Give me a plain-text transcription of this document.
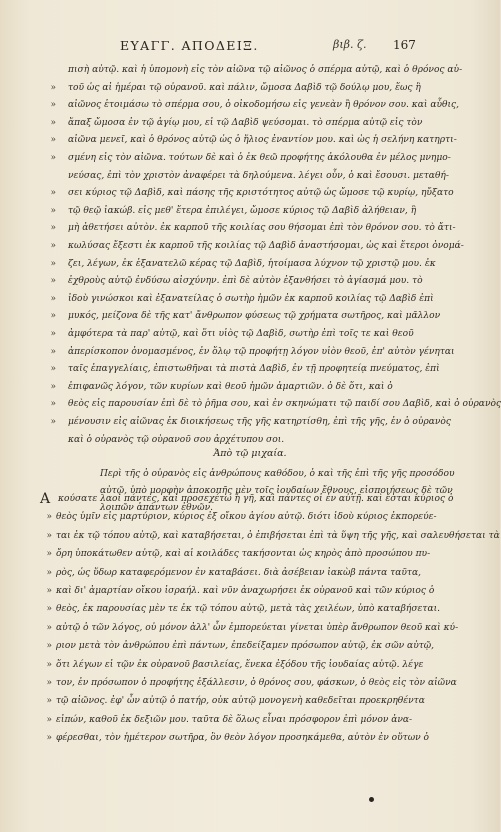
ΕΥΑΓΓ. ΑΠΟΔΕΙΞ.	βιβ. ζ. 167
πισὴ αὐτῷ. καὶ ἡ ὑπομονὴ εἰς τὸν αἰῶνα τῷ αἰῶνος ὁ σπέρμα αὐτῷ, καὶ ὁ θρόνος αὐ-
» τοῦ ὡς αἱ ἡμέραι τῷ οὐρανοῦ. καὶ πάλιν, ὤμοσα Δαβὶδ τῷ δούλῳ μου, ἕως ἢ
» αἰῶνος ἑτοιμάσω τὸ σπέρμα σου, ὁ οἰκοδομήσω εἰς γενεὰν ἢ θρόνον σου. καὶ αὖθις,
» ἅπαξ ὤμοσα ἐν τῷ ἁγίῳ μου, εἰ τῷ Δαβὶδ ψεύσομαι. τὸ σπέρμα αὐτῷ εἰς τὸν
» αἰῶνα μενεῖ, καὶ ὁ θρόνος αὐτῷ ὡς ὁ ἥλιος ἐναντίον μου. καὶ ὡς ἡ σελήνη κατηρτι-
» σμένη εἰς τὸν αἰῶνα. τούτων δὲ καὶ ὁ ἐκ θεῶ προφήτης ἀκόλουθα ἐν μέλος μνημο-
νεύσας, ἐπὶ τὸν χριστὸν ἀναφέρει τὰ δηλούμενα. λέγει οὖν, ὁ καὶ ἔσουσι. μεταθή-
» σει κύριος τῷ Δαβὶδ, καὶ πάσης τῆς κριστότητος αὐτῷ ὡς ὤμοσε τῷ κυρίῳ, ηὔξατο
» τῷ θεῷ ἰακώβ. εἰς μεθ' ἕτερα ἐπιλέγει, ὤμοσε κύριος τῷ Δαβὶδ ἀλήθειαν, ἣ
» μὴ ἀθετήσει αὐτὸν. ἐκ καρποῦ τῆς κοιλίας σου θήσομαι ἐπὶ τὸν θρόνον σου. τὸ ἄτι-
» κωλύσας ἔξεστι ἐκ καρποῦ τῆς κοιλίας τῷ Δαβὶδ ἀναστήσομαι, ὡς καὶ ἕτεροι ὀνομά-
» ζει, λέγων, ἐκ ἐξανατελῶ κέρας τῷ Δαβὶδ, ἡτοίμασα λύχνον τῷ χριστῷ μου. ἐκ
» ἐχθροὺς αὐτῷ ἐνδύσω αἰσχύνην. ἐπὶ δὲ αὐτὸν ἐξανθήσει τὸ ἁγίασμά μου. τὸ
» ἰδοὺ γινώσκοι καὶ ἐξανατείλας ὁ σωτὴρ ἡμῶν ἐκ καρποῦ κοιλίας τῷ Δαβὶδ ἐπὶ
» μυκός, μείζονα δὲ τῆς κατ' ἄνθρωπον φύσεως τῷ χρήματα σωτῆρος, καὶ μᾶλλον
» ἀμφότερα τὰ παρ' αὐτῷ, καὶ ὅτι υἱὸς τῷ Δαβὶδ, σωτὴρ ἐπὶ τοῖς τε καὶ θεοῦ
» ἀπερίσκοπον ὀνομασμένος, ἐν ὅλῳ τῷ προφήτῃ λόγον υἱὸν θεοῦ, ἐπ' αὐτὸν γένηται
» ταῖς ἐπαγγελίαις, ἐπιστωθῆναι τὰ πιστὰ Δαβὶδ, ἐν τῇ προφητείᾳ πνεύματος, ἐπὶ
» ἐπιφανῶς λόγον, τῶν κυρίων καὶ θεοῦ ἡμῶν ἁμαρτιῶν. ὁ δὲ ὅτι, καὶ ὁ
» θεὸς εἰς παρουσίαν ἐπὶ δὲ τὸ ῥῆμα σου, καὶ ἐν σκηνώματι τῷ παιδί σου Δαβὶδ, καὶ ὁ οὐρανὸς
» μένουσιν εἰς αἰῶνας ἐκ διοικήσεως τῆς γῆς κατηρτίσθη, ἐπὶ τῆς γῆς, ἐν ὁ οὐρανὸς
καὶ ὁ οὐρανὸς τῷ οὐρανοῦ σου ἀρχέτυπου σοι.
Ἀπὸ τῷ μιχαία.
Περὶ τῆς ὁ οὐρανὸς εἰς ἀνθρώπους καθόδου, ὁ καὶ τῆς ἐπὶ τῆς γῆς προσόδου
αὐτῷ, ὑπὸ μορφὴν ἀποκοπῆς μὲν τοῖς ἰουδαίων ἔθνους, εἰσποιήσεως δὲ τῶν
λοιπῶν ἁπάντων ἐθνῶν.
Α κούσατε λαοὶ πάντες, καὶ προσεχέτω ἡ γῆ, καὶ πάντες οἱ ἐν αὐτῇ. καὶ ἔσται κύριος ὁ
» θεὸς ὑμῖν εἰς μαρτύριον, κύριος ἐξ οἴκου ἁγίου αὐτῷ. διότι ἰδοὺ κύριος ἐκπορεύε-
» ται ἐκ τῷ τόπου αὐτῷ, καὶ καταβήσεται, ὁ ἐπιβήσεται ἐπὶ τὰ ὕψη τῆς γῆς, καὶ σαλευθήσεται τὰ
» ὄρη ὑποκάτωθεν αὐτῷ, καὶ αἱ κοιλάδες τακήσονται ὡς κηρὸς ἀπὸ προσώπου πυ-
» ρὸς, ὡς ὕδωρ καταφερόμενον ἐν καταβάσει. διὰ ἀσέβειαν ἰακὼβ πάντα ταῦτα,
» καὶ δι' ἁμαρτίαν οἴκου ἰσραήλ. καὶ νῦν ἀναχωρήσει ἐκ οὐρανοῦ καὶ τῶν κύριος ὁ
» θεὸς, ἐκ παρουσίας μὲν τε ἐκ τῷ τόπου αὐτῷ, μετὰ τὰς χειλέων, ὑπὸ καταβήσεται.
» αὐτῷ ὁ τῶν λόγος, οὐ μόνον ἀλλ' ὧν ἐμπορεύεται γίνεται ὑπὲρ ἄνθρωπον θεοῦ καὶ κύ-
» ριον μετὰ τὸν ἀνθρώπου ἐπὶ πάντων, ἐπεδείξαμεν πρόσωπον αὐτῷ, ἐκ σῶν αὐτῷ,
» ὅτι λέγων εἰ τῷν ἐκ οὐρανοῦ βασιλείας, ἕνεκα ἐξόδου τῆς ἰουδαίας αὐτῷ. λέγε
» τον, ἐν πρόσωπον ὁ προφήτης ἐξάλλεσιν, ὁ θρόνος σου, φάσκων, ὁ θεὸς εἰς τὸν αἰῶνα
» τῷ αἰῶνος. ἐφ' ὧν αὐτῷ ὁ πατήρ, οὐκ αὐτῷ μονογενὴ καθεδεῖται προεκρηθέντα
» εἰπών, καθοῦ ἐκ δεξιῶν μου. ταῦτα δὲ ὅλως εἶναι πρόσφορον ἐπὶ μόνον ἀνα-
» φέρεσθαι, τὸν ἡμέτερον σωτῆρα, ὃν θεὸν λόγον προσηκάμεθα, αὐτὸν ἐν οὕτων ὁ
